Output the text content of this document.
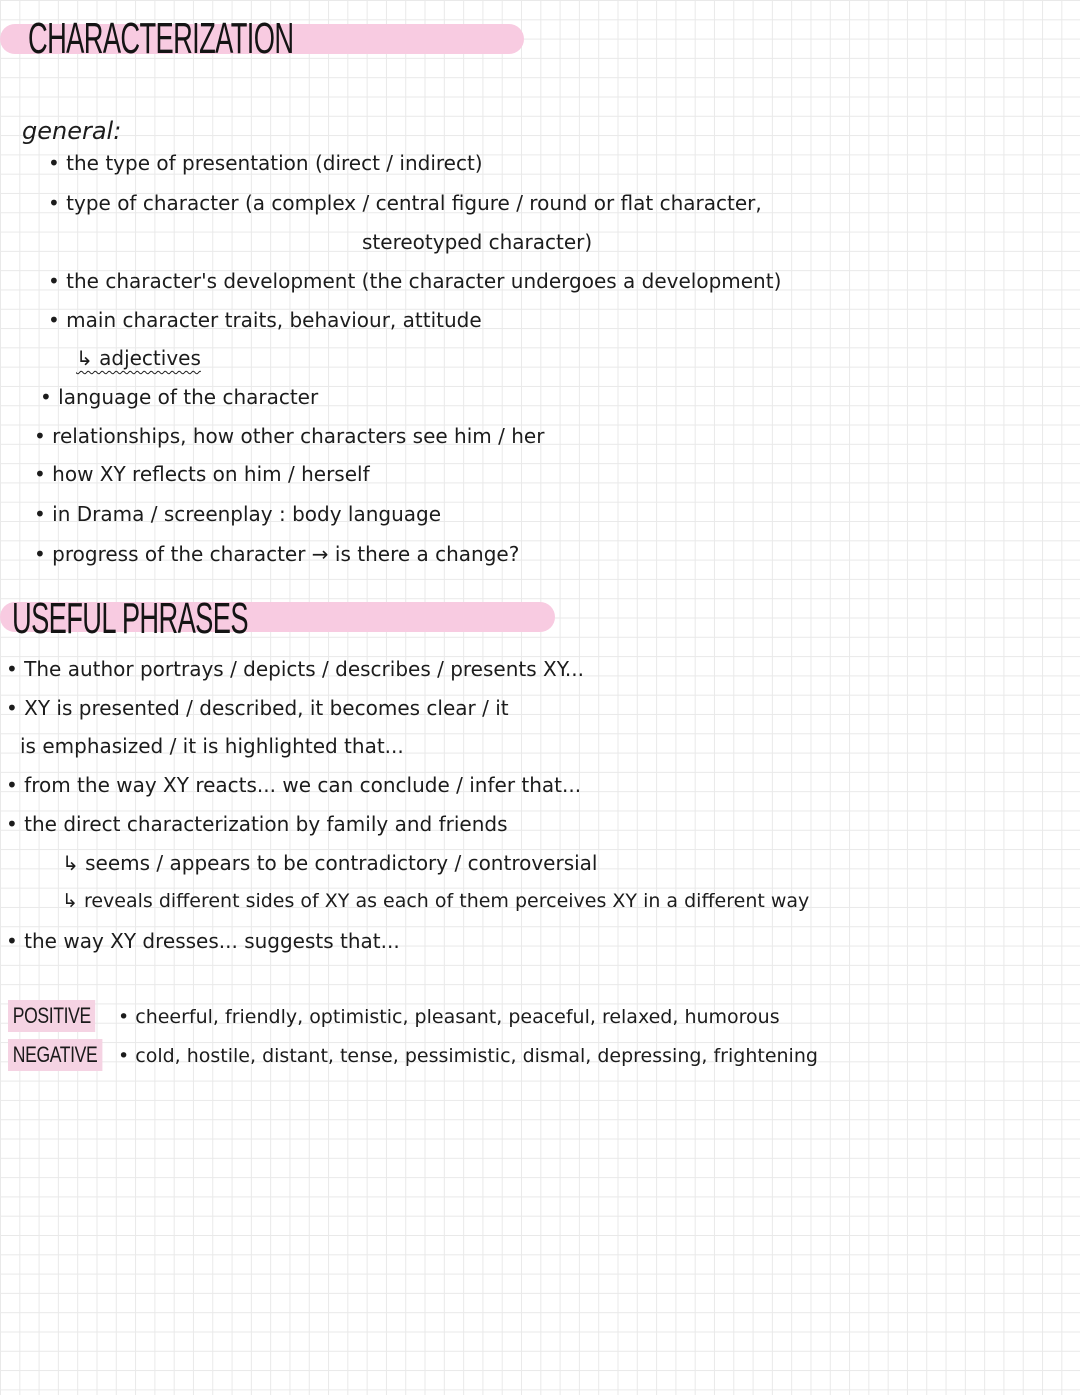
CHARACTERIZATION
general:
• the type of presentation (direct / indirect)
• type of character (a complex / central figure / round or flat character,
stereotyped character)
• the character's development (the character undergoes a development)
• main character traits, behaviour, attitude
↳ adjectives
• language of the character
• relationships, how other characters see him / her
• how XY reflects on him / herself
• in Drama / screenplay : body language
• progress of the character → is there a change?
USEFUL PHRASES
• The author portrays / depicts / describes / presents XY...
• XY is presented / described, it becomes clear / it
is emphasized / it is highlighted that...
• from the way XY reacts... we can conclude / infer that...
• the direct characterization by family and friends
↳ seems / appears to be contradictory / controversial
↳ reveals different sides of XY as each of them perceives XY in a different way
• the way XY dresses... suggests that...
POSITIVE • cheerful, friendly, optimistic, pleasant, peaceful, relaxed, humorous
NEGATIVE • cold, hostile, distant, tense, pessimistic, dismal, depressing, frightening
